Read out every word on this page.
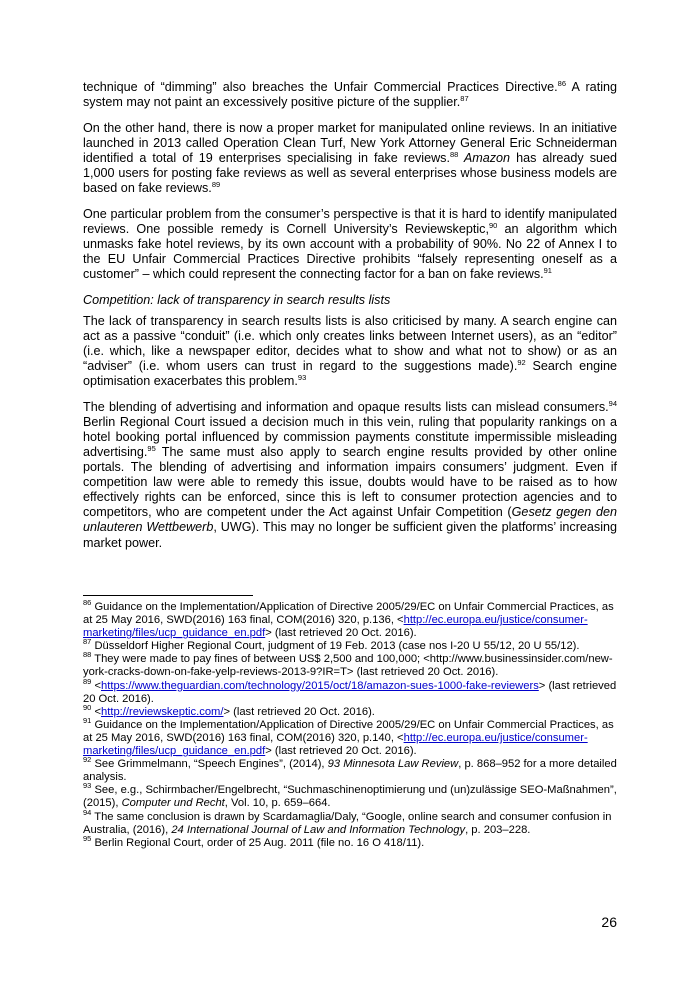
technique of “dimming” also breaches the Unfair Commercial Practices Directive.$^{86}$ A rating system may not paint an excessively positive picture of the supplier.$^{87}$

On the other hand, there is now a proper market for manipulated online reviews. In an initiative launched in 2013 called Operation Clean Turf, New York Attorney General Eric Schneiderman identified a total of 19 enterprises specialising in fake reviews.$^{88}$ Amazon has already sued 1,000 users for posting fake reviews as well as several enterprises whose business models are based on fake reviews.$^{89}$

One particular problem from the consumer’s perspective is that it is hard to identify manipulated reviews. One possible remedy is Cornell University’s Reviewskeptic,$^{90}$ an algorithm which unmasks fake hotel reviews, by its own account with a probability of 90%. No 22 of Annex I to the EU Unfair Commercial Practices Directive prohibits “falsely representing oneself as a customer” – which could represent the connecting factor for a ban on fake reviews.$^{91}$

Competition: lack of transparency in search results lists

The lack of transparency in search results lists is also criticised by many. A search engine can act as a passive “conduit” (i.e. which only creates links between Internet users), as an “editor” (i.e. which, like a newspaper editor, decides what to show and what not to show) or as an “adviser” (i.e. whom users can trust in regard to the suggestions made).$^{92}$ Search engine optimisation exacerbates this problem.$^{93}$

The blending of advertising and information and opaque results lists can mislead consumers.$^{94}$ Berlin Regional Court issued a decision much in this vein, ruling that popularity rankings on a hotel booking portal influenced by commission payments constitute impermissible misleading advertising.$^{95}$ The same must also apply to search engine results provided by other online portals. The blending of advertising and information impairs consumers’ judgment. Even if competition law were able to remedy this issue, doubts would have to be raised as to how effectively rights can be enforced, since this is left to consumer protection agencies and to competitors, who are competent under the Act against Unfair Competition (Gesetz gegen den unlauteren Wettbewerb, UWG). This may no longer be sufficient given the platforms’ increasing market power.

$^{86}$ Guidance on the Implementation/Application of Directive 2005/29/EC on Unfair Commercial Practices, as at 25 May 2016, SWD(2016) 163 final, COM(2016) 320, p.136, <http://ec.europa.eu/justice/consumer-marketing/files/ucp_guidance_en.pdf> (last retrieved 20 Oct. 2016).

$^{87}$ Düsseldorf Higher Regional Court, judgment of 19 Feb. 2013 (case nos I-20 U 55/12, 20 U 55/12).

$^{88}$ They were made to pay fines of between US$ 2,500 and 100,000; <http://www.businessinsider.com/new-york-cracks-down-on-fake-yelp-reviews-2013-9?IR=T> (last retrieved 20 Oct. 2016).

$^{89}$ <https://www.theguardian.com/technology/2015/oct/18/amazon-sues-1000-fake-reviewers> (last retrieved 20 Oct. 2016).

$^{90}$ <http://reviewskeptic.com/> (last retrieved 20 Oct. 2016).

$^{91}$ Guidance on the Implementation/Application of Directive 2005/29/EC on Unfair Commercial Practices, as at 25 May 2016, SWD(2016) 163 final, COM(2016) 320, p.140, <http://ec.europa.eu/justice/consumer-marketing/files/ucp_guidance_en.pdf> (last retrieved 20 Oct. 2016).

$^{92}$ See Grimmelmann, “Speech Engines”, (2014), 93 Minnesota Law Review, p. 868–952 for a more detailed analysis.

$^{93}$ See, e.g., Schirmbacher/Engelbrecht, “Suchmaschinenoptimierung und (un)zulässige SEO-Maßnahmen”, (2015), Computer und Recht, Vol. 10, p. 659–664.

$^{94}$ The same conclusion is drawn by Scardamaglia/Daly, “Google, online search and consumer confusion in Australia, (2016), 24 International Journal of Law and Information Technology, p. 203–228.

$^{95}$ Berlin Regional Court, order of 25 Aug. 2011 (file no. 16 O 418/11).

26
